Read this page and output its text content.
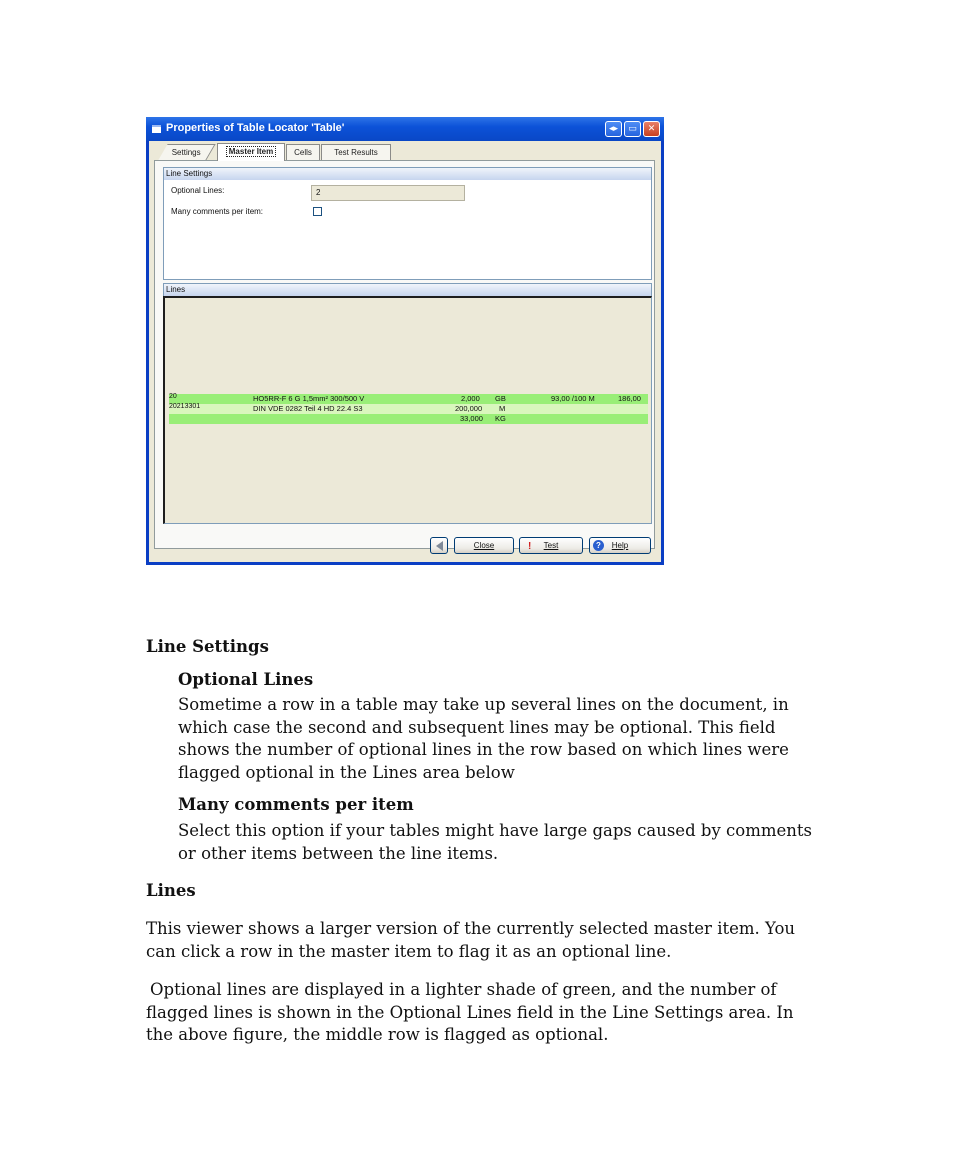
Properties of Table Locator 'Table'	◂▸	▭	✕
Settings	Master Item	Cells	Test Results
Line Settings
Optional Lines:	2
Many comments per item:
Lines
20	HO5RR-F 6 G 1,5mm² 300/500 V	2,000 GB	93,00 /100 M	186,00
20213301	DIN VDE 0282 Teil 4 HD 22.4 S3	200,000 M
33,000 KG
Close	! Test	?	Help
Line Settings
Optional Lines
Sometime a row in a table may take up several lines on the document, in which case the second and subsequent lines may be optional. This field shows the number of optional lines in the row based on which lines were flagged optional in the Lines area below
Many comments per item
Select this option if your tables might have large gaps caused by comments or other items between the line items.
Lines
This viewer shows a larger version of the currently selected master item. You can click a row in the master item to flag it as an optional line.
Optional lines are displayed in a lighter shade of green, and the number of flagged lines is shown in the Optional Lines field in the Line Settings area. In the above figure, the middle row is flagged as optional.
